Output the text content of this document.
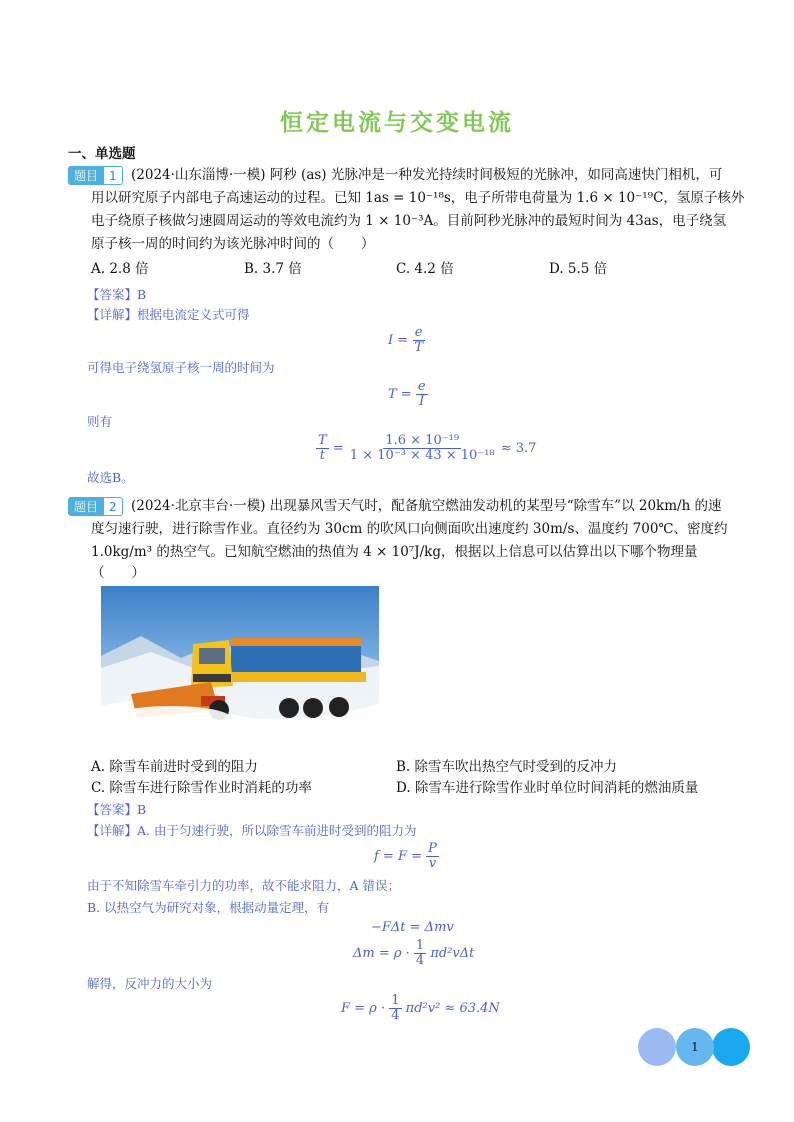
恒定电流与交变电流
一、单选题
题目 1	(2024·山东淄博·一模) 阿秒 (as) 光脉冲是一种发光持续时间极短的光脉冲，如同高速快门相机，可
用以研究原子内部电子高速运动的过程。已知 1as = 10⁻¹⁸s，电子所带电荷量为 1.6 × 10⁻¹⁹C，氢原子核外
电子绕原子核做匀速圆周运动的等效电流约为 1 × 10⁻³A。目前阿秒光脉冲的最短时间为 43as，电子绕氢
原子核一周的时间约为该光脉冲时间的（　　）
A. 2.8 倍	B. 3.7 倍	C. 4.2 倍	D. 5.5 倍
【答案】B
【详解】根据电流定义式可得
$I = \frac{e}{T}$
可得电子绕氢原子核一周的时间为
$T = \frac{e}{I}$
则有
$\frac{T}{t} = \frac{\text{1.6 × 10⁻¹⁹}}{\text{1 × 10⁻³ × 43 × 10⁻¹⁸}} \approx 3.7$
故选B。
题目 2	(2024·北京丰台·一模) 出现暴风雪天气时，配备航空燃油发动机的某型号“除雪车”以 20km/h 的速
度匀速行驶，进行除雪作业。直径约为 30cm 的吹风口向侧面吹出速度约 30m/s、温度约 700℃、密度约
1.0kg/m³ 的热空气。已知航空燃油的热值为 4 × 10⁷J/kg，根据以上信息可以估算出以下哪个物理量
（　　）
A. 除雪车前进时受到的阻力	B. 除雪车吹出热空气时受到的反冲力
C. 除雪车进行除雪作业时消耗的功率	D. 除雪车进行除雪作业时单位时间消耗的燃油质量
【答案】B
【详解】A. 由于匀速行驶，所以除雪车前进时受到的阻力为
$f = F = \frac{P}{v}$
由于不知除雪车牵引力的功率，故不能求阻力，A 错误；
B. 以热空气为研究对象，根据动量定理，有
−FΔt = Δmv
$\Delta m = \rho \cdot \frac{1}{4} \pi d^2v\Delta t$
解得，反冲力的大小为
$F = \rho \cdot \frac{1}{4} \pi d^2v^2 \approx 63.4N$
1
